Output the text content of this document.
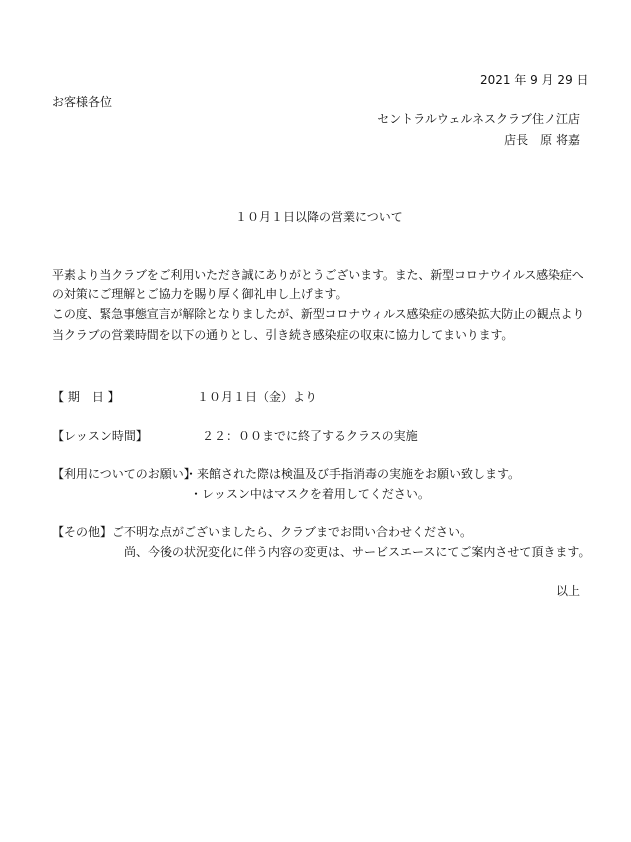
2021 年 9 月 29 日
お客様各位
セントラルウェルネスクラブ住ノ江店
店長　原 将嘉
１０月１日以降の営業について
平素より当クラブをご利用いただき誠にありがとうございます。また、新型コロナウイルス感染症へ
の対策にご理解とご協力を賜り厚く御礼申し上げます。
この度、緊急事態宣言が解除となりましたが、新型コロナウィルス感染症の感染拡大防止の観点より
当クラブの営業時間を以下の通りとし、引き続き感染症の収束に協力してまいります。
【 期　日 】	１０月１日（金）より
【レッスン時間】	２２：００までに終了するクラスの実施
【利用についてのお願い】
・来館された際は検温及び手指消毒の実施をお願い致します。
・レッスン中はマスクを着用してください。
【その他】 ご不明な点がございましたら、クラブまでお問い合わせください。
尚、今後の状況変化に伴う内容の変更は、サービスエースにてご案内させて頂きます。
以上
